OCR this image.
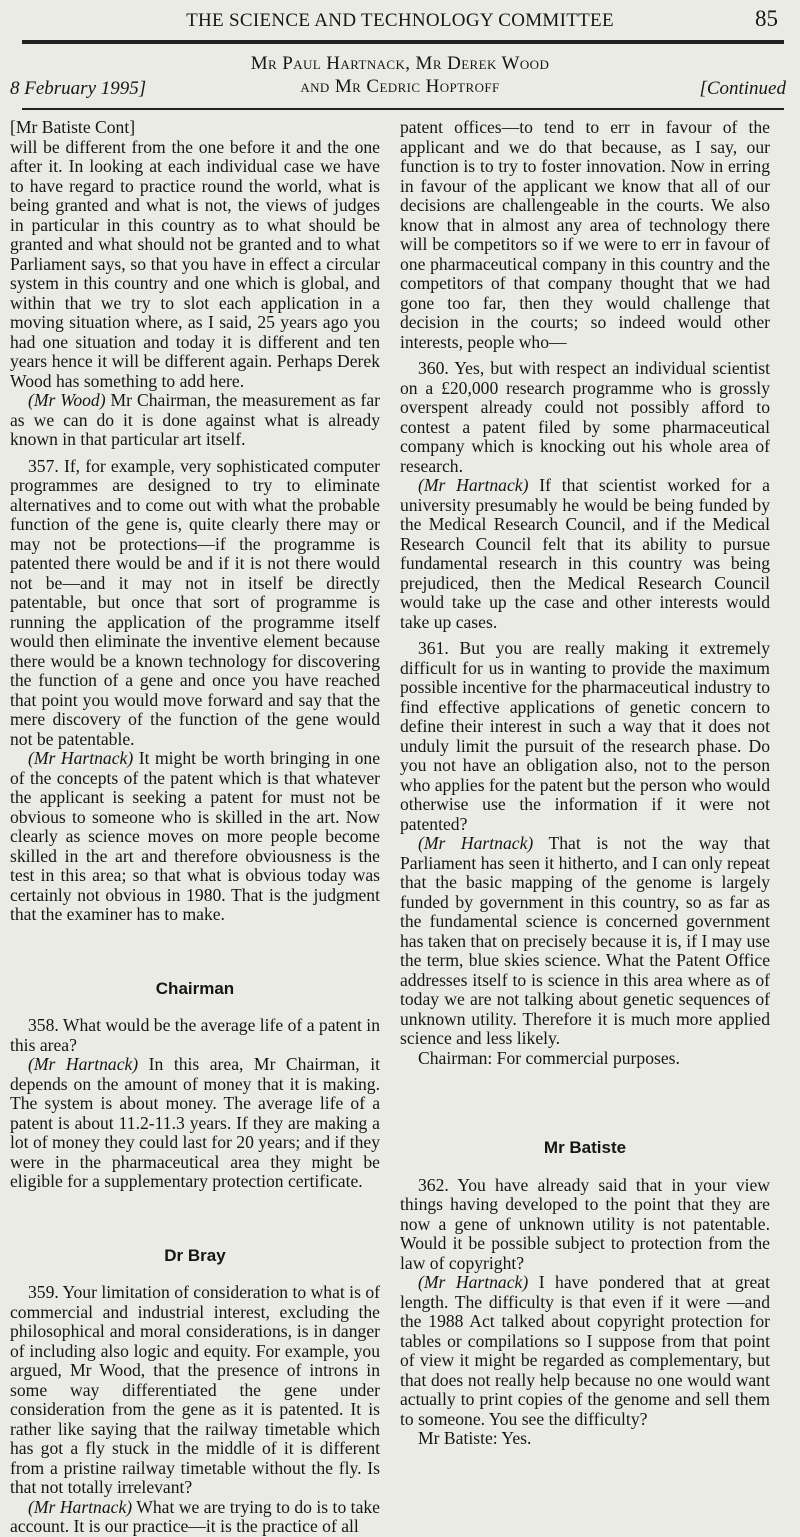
THE SCIENCE AND TECHNOLOGY COMMITTEE	85
8 February 1995]
Mr Paul Hartnack, Mr Derek Wood
and Mr Cedric Hoptroff	[Continued

[Mr Batiste Cont]

will be different from the one before it and the one after it. In looking at each individual case we have to have regard to practice round the world, what is being granted and what is not, the views of judges in particular in this country as to what should be granted and what should not be granted and to what Parliament says, so that you have in effect a circular system in this country and one which is global, and within that we try to slot each application in a moving situation where, as I said, 25 years ago you had one situation and today it is different and ten years hence it will be different again. Perhaps Derek Wood has something to add here.

(Mr Wood) Mr Chairman, the measurement as far as we can do it is done against what is already known in that particular art itself.

357. If, for example, very sophisticated computer programmes are designed to try to eliminate alternatives and to come out with what the probable function of the gene is, quite clearly there may or may not be protections—if the programme is patented there would be and if it is not there would not be—and it may not in itself be directly patentable, but once that sort of programme is running the application of the programme itself would then eliminate the inventive element because there would be a known technology for discovering the function of a gene and once you have reached that point you would move forward and say that the mere discovery of the function of the gene would not be patentable.

(Mr Hartnack) It might be worth bringing in one of the concepts of the patent which is that whatever the applicant is seeking a patent for must not be obvious to someone who is skilled in the art. Now clearly as science moves on more people become skilled in the art and therefore obviousness is the test in this area; so that what is obvious today was certainly not obvious in 1980. That is the judgment that the examiner has to make.

Chairman

358. What would be the average life of a patent in this area?

(Mr Hartnack) In this area, Mr Chairman, it depends on the amount of money that it is making. The system is about money. The average life of a patent is about 11.2-11.3 years. If they are making a lot of money they could last for 20 years; and if they were in the pharmaceutical area they might be eligible for a supplementary protection certificate.

Dr Bray

359. Your limitation of consideration to what is of commercial and industrial interest, excluding the philosophical and moral considerations, is in danger of including also logic and equity. For example, you argued, Mr Wood, that the presence of introns in some way differentiated the gene under consideration from the gene as it is patented. It is rather like saying that the railway timetable which has got a fly stuck in the middle of it is different from a pristine railway timetable without the fly. Is that not totally irrelevant?

(Mr Hartnack) What we are trying to do is to take account. It is our practice—it is the practice of all

patent offices—to tend to err in favour of the applicant and we do that because, as I say, our function is to try to foster innovation. Now in erring in favour of the applicant we know that all of our decisions are challengeable in the courts. We also know that in almost any area of technology there will be competitors so if we were to err in favour of one pharmaceutical company in this country and the competitors of that company thought that we had gone too far, then they would challenge that decision in the courts; so indeed would other interests, people who—

360. Yes, but with respect an individual scientist on a £20,000 research programme who is grossly overspent already could not possibly afford to contest a patent filed by some pharmaceutical company which is knocking out his whole area of research.

(Mr Hartnack) If that scientist worked for a university presumably he would be being funded by the Medical Research Council, and if the Medical Research Council felt that its ability to pursue fundamental research in this country was being prejudiced, then the Medical Research Council would take up the case and other interests would take up cases.

361. But you are really making it extremely difficult for us in wanting to provide the maximum possible incentive for the pharmaceutical industry to find effective applications of genetic concern to define their interest in such a way that it does not unduly limit the pursuit of the research phase. Do you not have an obligation also, not to the person who applies for the patent but the person who would otherwise use the information if it were not patented?

(Mr Hartnack) That is not the way that Parliament has seen it hitherto, and I can only repeat that the basic mapping of the genome is largely funded by government in this country, so as far as the fundamental science is concerned government has taken that on precisely because it is, if I may use the term, blue skies science. What the Patent Office addresses itself to is science in this area where as of today we are not talking about genetic sequences of unknown utility. Therefore it is much more applied science and less likely.

Chairman: For commercial purposes.

Mr Batiste

362. You have already said that in your view things having developed to the point that they are now a gene of unknown utility is not patentable. Would it be possible subject to protection from the law of copyright?

(Mr Hartnack) I have pondered that at great length. The difficulty is that even if it were —and the 1988 Act talked about copyright protection for tables or compilations so I suppose from that point of view it might be regarded as complementary, but that does not really help because no one would want actually to print copies of the genome and sell them to someone. You see the difficulty?

Mr Batiste: Yes.
